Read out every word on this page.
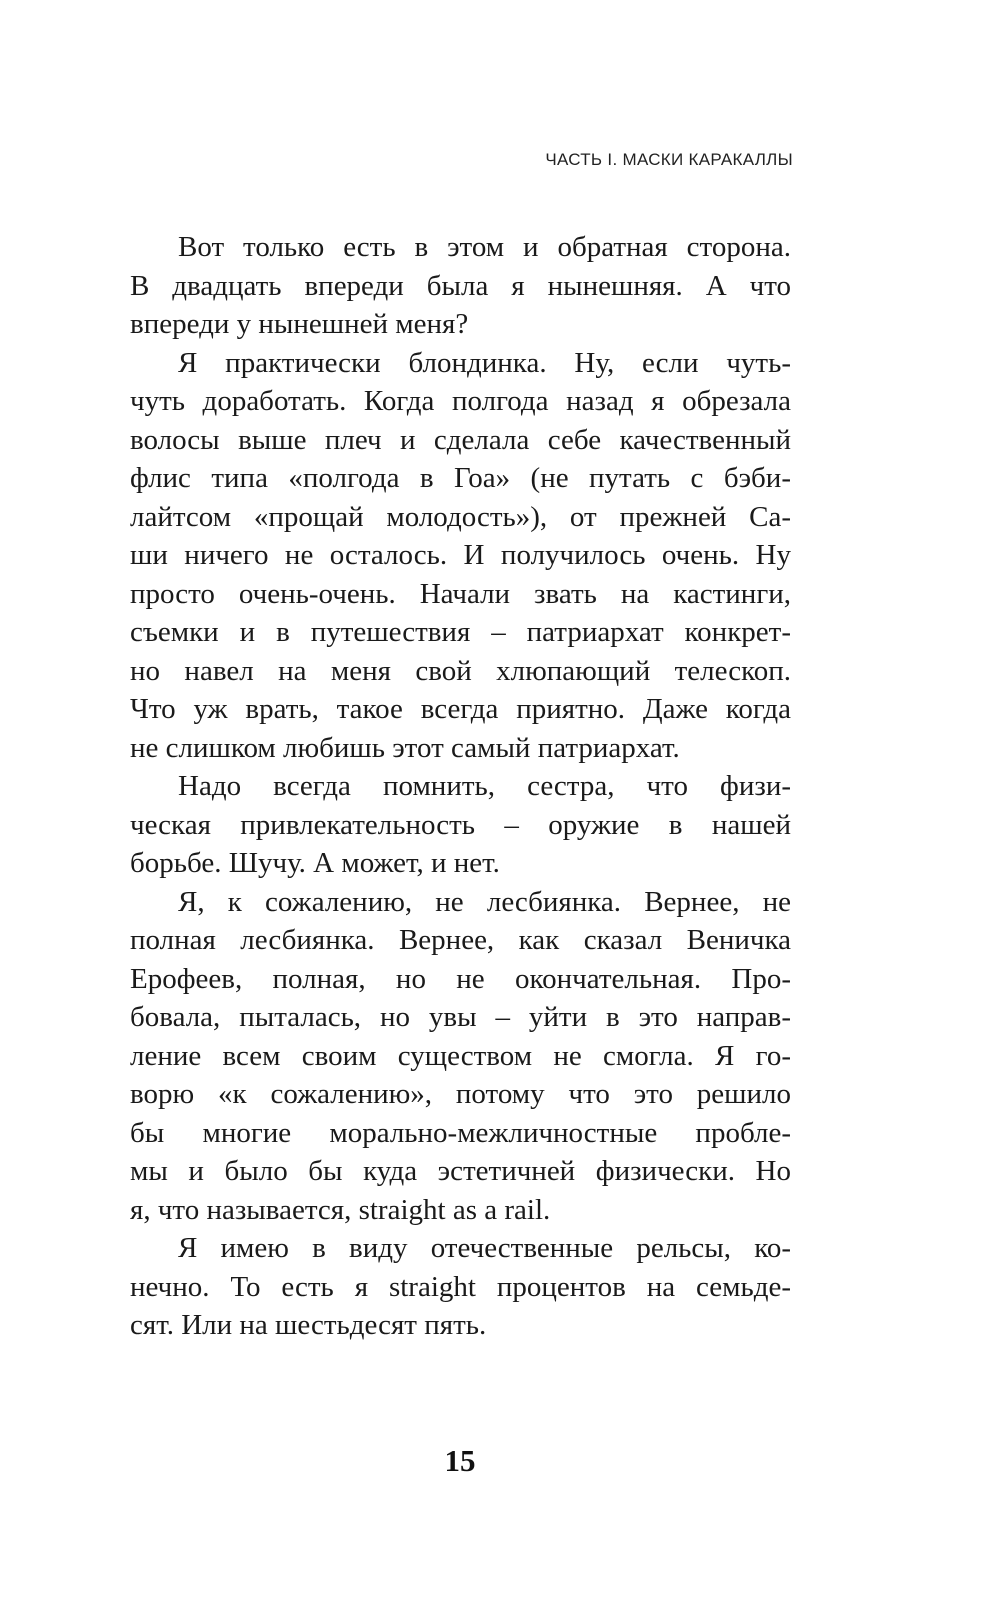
ЧАСТЬ I. МАСКИ КАРАКАЛЛЫ
Вот только есть в этом и обратная сторона.
В двадцать впереди была я нынешняя. А что
впереди у нынешней меня?
Я практически блондинка. Ну, если чуть-
чуть доработать. Когда полгода назад я обрезала
волосы выше плеч и сделала себе качественный
флис типа «полгода в Гоа» (не путать с бэби-
лайтсом «прощай молодость»), от прежней Са-
ши ничего не осталось. И получилось очень. Ну
просто очень-очень. Начали звать на кастинги,
съемки и в путешествия – патриархат конкрет-
но навел на меня свой хлюпающий телескоп.
Что уж врать, такое всегда приятно. Даже когда
не слишком любишь этот самый патриархат.
Надо всегда помнить, сестра, что физи-
ческая привлекательность – оружие в нашей
борьбе. Шучу. А может, и нет.
Я, к сожалению, не лесбиянка. Вернее, не
полная лесбиянка. Вернее, как сказал Веничка
Ерофеев, полная, но не окончательная. Про-
бовала, пыталась, но увы – уйти в это направ-
ление всем своим существом не смогла. Я го-
ворю «к сожалению», потому что это решило
бы многие морально-межличностные пробле-
мы и было бы куда эстетичней физически. Но
я, что называется, straight as a rail.
Я имею в виду отечественные рельсы, ко-
нечно. То есть я straight процентов на семьде-
сят. Или на шестьдесят пять.
15
